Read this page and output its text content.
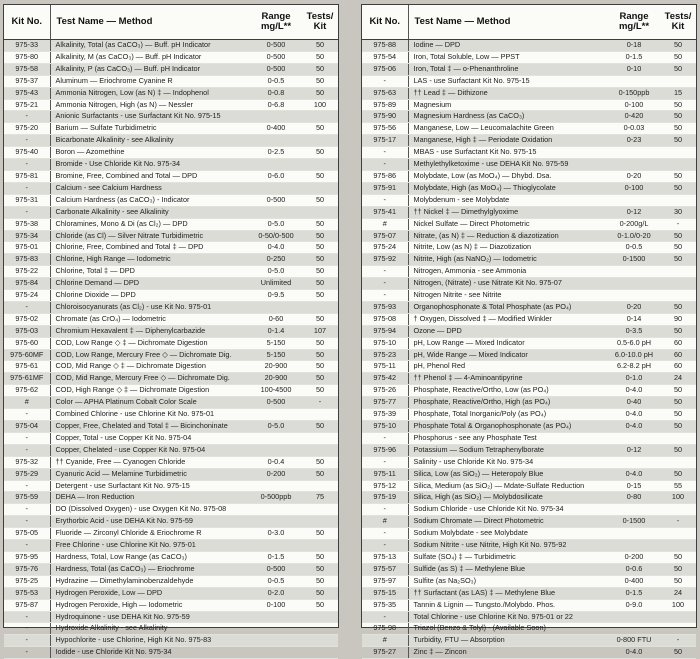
Kit No.	Test Name — Method	Range
mg/L**	Tests/
Kit
975-33	Alkalinity, Total (as CaCO₃) — Buff. pH Indicator	0-500	50
975-80	Alkalinity, M (as CaCO₃) — Buff. pH Indicator	0-500	50
975-58	Alkalinity, P (as CaCO₃) — Buff. pH Indicator	0-500	50
975-37	Aluminum — Eriochrome Cyanine R	0-0.5	50
975-43	Ammonia Nitrogen, Low (as N) ‡ — Indophenol	0-0.8	50
975-21	Ammonia Nitrogen, High (as N) — Nessler	0-6.8	100
-	Anionic Surfactants - use Surfactant Kit No. 975-15		
975-20	Barium — Sulfate Turbidimetric	0-400	50
-	Bicarbonate Alkalinity - see Alkalinity		
975-40	Boron — Azomethine	0-2.5	50
-	Bromide - Use Chloride Kit No. 975-34		
975-81	Bromine, Free, Combined and Total — DPD	0-6.0	50
-	Calcium - see Calcium Hardness		
975-31	Calcium Hardness (as CaCO₃) - Indicator	0-500	50
-	Carbonate Alkalinity - see Alkalinity		
975-38	Chloramines, Mono & Di (as Cl₂) — DPD	0-5.0	50
975-34	Chloride (as Cl) — Silver Nitrate Turbidimetric	0-50/0-500	50
975-01	Chlorine, Free, Combined and Total ‡ — DPD	0-4.0	50
975-83	Chlorine, High Range — Iodometric	0-250	50
975-22	Chlorine, Total ‡ — DPD	0-5.0	50
975-84	Chlorine Demand — DPD	Unlimited	50
975-24	Chlorine Dioxide — DPD	0-9.5	50
-	Chloroisocyanurats (as Cl₂) - use Kit No. 975-01		
975-02	Chromate (as CrO₄) — Iodometric	0-60	50
975-03	Chromium Hexavalent ‡ — Diphenylcarbazide	0-1.4	107
975-60	COD, Low Range ◇ ‡ — Dichromate Digestion	5-150	50
975-60MF	COD, Low Range, Mercury Free ◇ — Dichromate Dig.	5-150	50
975-61	COD, Mid Range ◇ ‡ — Dichromate Digestion	20-900	50
975-61MF	COD, Mid Range, Mercury Free ◇ — Dichromate Dig.	20-900	50
975-62	COD, High Range ◇ ‡ — Dichromate Digestion	100-4500	50
#	Color — APHA Platinum Cobalt Color Scale	0-500	-
-	Combined Chlorine - use Chlorine Kit No. 975-01		
975-04	Copper, Free, Chelated and Total ‡ — Bicinchoninate	0-5.0	50
-	Copper, Total - use Copper Kit No. 975-04		
-	Copper, Chelated - use Copper Kit No. 975-04		
975-32	†† Cyanide, Free — Cyanogen Chloride	0-0.4	50
975-29	Cyanuric Acid — Melamine Turbidimetric	0-200	50
-	Detergent - use Surfactant Kit No. 975-15		
975-59	DEHA — Iron Reduction	0-500ppb	75
-	DO (Dissolved Oxygen) - use Oxygen Kit No. 975-08		
-	Erythorbic Acid - use DEHA Kit No. 975-59		
975-05	Fluoride — Zirconyl Chloride & Eriochrome R	0-3.0	50
-	Free Chlorine - use Chlorine Kit No. 975-01		
975-95	Hardness, Total, Low Range (as CaCO₃)	0-1.5	50
975-76	Hardness, Total (as CaCO₃) — Eriochrome	0-500	50
975-25	Hydrazine — Dimethylaminobenzaldehyde	0-0.5	50
975-53	Hydrogen Peroxide, Low — DPD	0-2.0	50
975-87	Hydrogen Peroxide, High — Iodometric	0-100	50
-	Hydroquinone - use DEHA Kit No. 975-59		
-	Hydroxide Alkalinity - see Alkalinity		
-	Hypochlorite - use Chlorine, High Kit No. 975-83		
-	Iodide - use Chloride Kit No. 975-34		
Kit No.	Test Name — Method	Range
mg/L**	Tests/
Kit
975-88	Iodine — DPD	0-18	50
975-54	Iron, Total Soluble, Low — PPST	0-1.5	50
975-06	Iron, Total ‡ — o-Phenanthroline	0-10	50
-	LAS - use Surfactant Kit No. 975-15		
975-63	†† Lead ‡ — Dithizone	0-150ppb	15
975-89	Magnesium	0-100	50
975-90	Magnesium Hardness (as CaCO₃)	0-420	50
975-56	Manganese, Low — Leucomalachite Green	0-0.03	50
975-17	Manganese, High ‡ — Periodate Oxidation	0-23	50
-	MBAS - use Surfactant Kit No. 975-15		
-	Methylethylketoxime - use DEHA Kit No. 975-59		
975-86	Molybdate, Low (as MoO₄) — Dhybd. Dsa.	0-20	50
975-91	Molybdate, High (as MoO₄) — Thioglycolate	0-100	50
-	Molybdenum - see Molybdate		
975-41	†† Nickel ‡ — Dimethylglyoxime	0-12	30
#	Nickel Sulfate — Direct Photometric	0-200g/L	-
975-07	Nitrate, (as N) ‡ — Reduction & diazotization	0-1.0/0-20	50
975-24	Nitrite, Low (as N) ‡ — Diazotization	0-0.5	50
975-92	Nitrite, High (as NaNO₂) — Iodometric	0-1500	50
-	Nitrogen, Ammonia - see Ammonia		
-	Nitrogen, (Nitrate) - use Nitrate Kit No. 975-07		
-	Nitrogen Nitrite - see Nitrite		
975-93	Organophosphonate & Total Phosphate (as PO₄)	0-20	50
975-08	† Oxygen, Dissolved ‡ — Modified Winkler	0-14	90
975-94	Ozone — DPD	0-3.5	50
975-10	pH, Low Range — Mixed Indicator	0.5-6.0 pH	60
975-23	pH, Wide Range — Mixed Indicator	6.0-10.0 pH	60
975-11	pH, Phenol Red	6.2-8.2 pH	60
975-42	†† Phenol ‡ — 4-Aminoantipyrine	0-1.0	24
975-26	Phosphate, Reactive/Ortho, Low (as PO₄)	0-4.0	50
975-77	Phosphate, Reactive/Ortho, High (as PO₄)	0-40	50
975-39	Phosphate, Total Inorganic/Poly (as PO₄)	0-4.0	50
975-10	Phosphate Total & Organophosphonate (as PO₄)	0-4.0	50
-	Phosphorus - see any Phosphate Test		
975-96	Potassium — Sodium Tetraphenylborate	0-12	50
-	Salinity - use Chloride Kit No. 975-34		
975-11	Silica, Low (as SiO₂) — Heteropoly Blue	0-4.0	50
975-12	Silica, Medium (as SiO₂) — Mdate-Sulfate Reduction	0-15	55
975-19	Silica, High (as SiO₂) — Molybdosilicate	0-80	100
-	Sodium Chloride - use Chloride Kit No. 975-34		
#	Sodium Chromate — Direct Photometric	0-1500	-
-	Sodium Molybdate - see Molybdate		
-	Sodium Nitrite - use Nitrite, High Kit No. 975-92		
975-13	Sulfate (SO₄) ‡ — Turbidimetric	0-200	50
975-57	Sulfide (as S) ‡ — Methylene Blue	0-0.6	50
975-97	Sulfite (as Na₂SO₃)	0-400	50
975-15	†† Surfactant (as LAS) ‡ — Methylene Blue	0-1.5	24
975-35	Tannin & Lignin — Tungsto./Molybdo. Phos.	0-9.0	100
-	Total Chlorine - use Chlorine Kit No. 975-01 or 22		
975-98	Triazol (Benzo & Tolyl) - (Available Soon)		
#	Turbidity, FTU — Absorption	0-800 FTU	-
975-27	Zinc ‡ — Zincon	0-4.0	50
